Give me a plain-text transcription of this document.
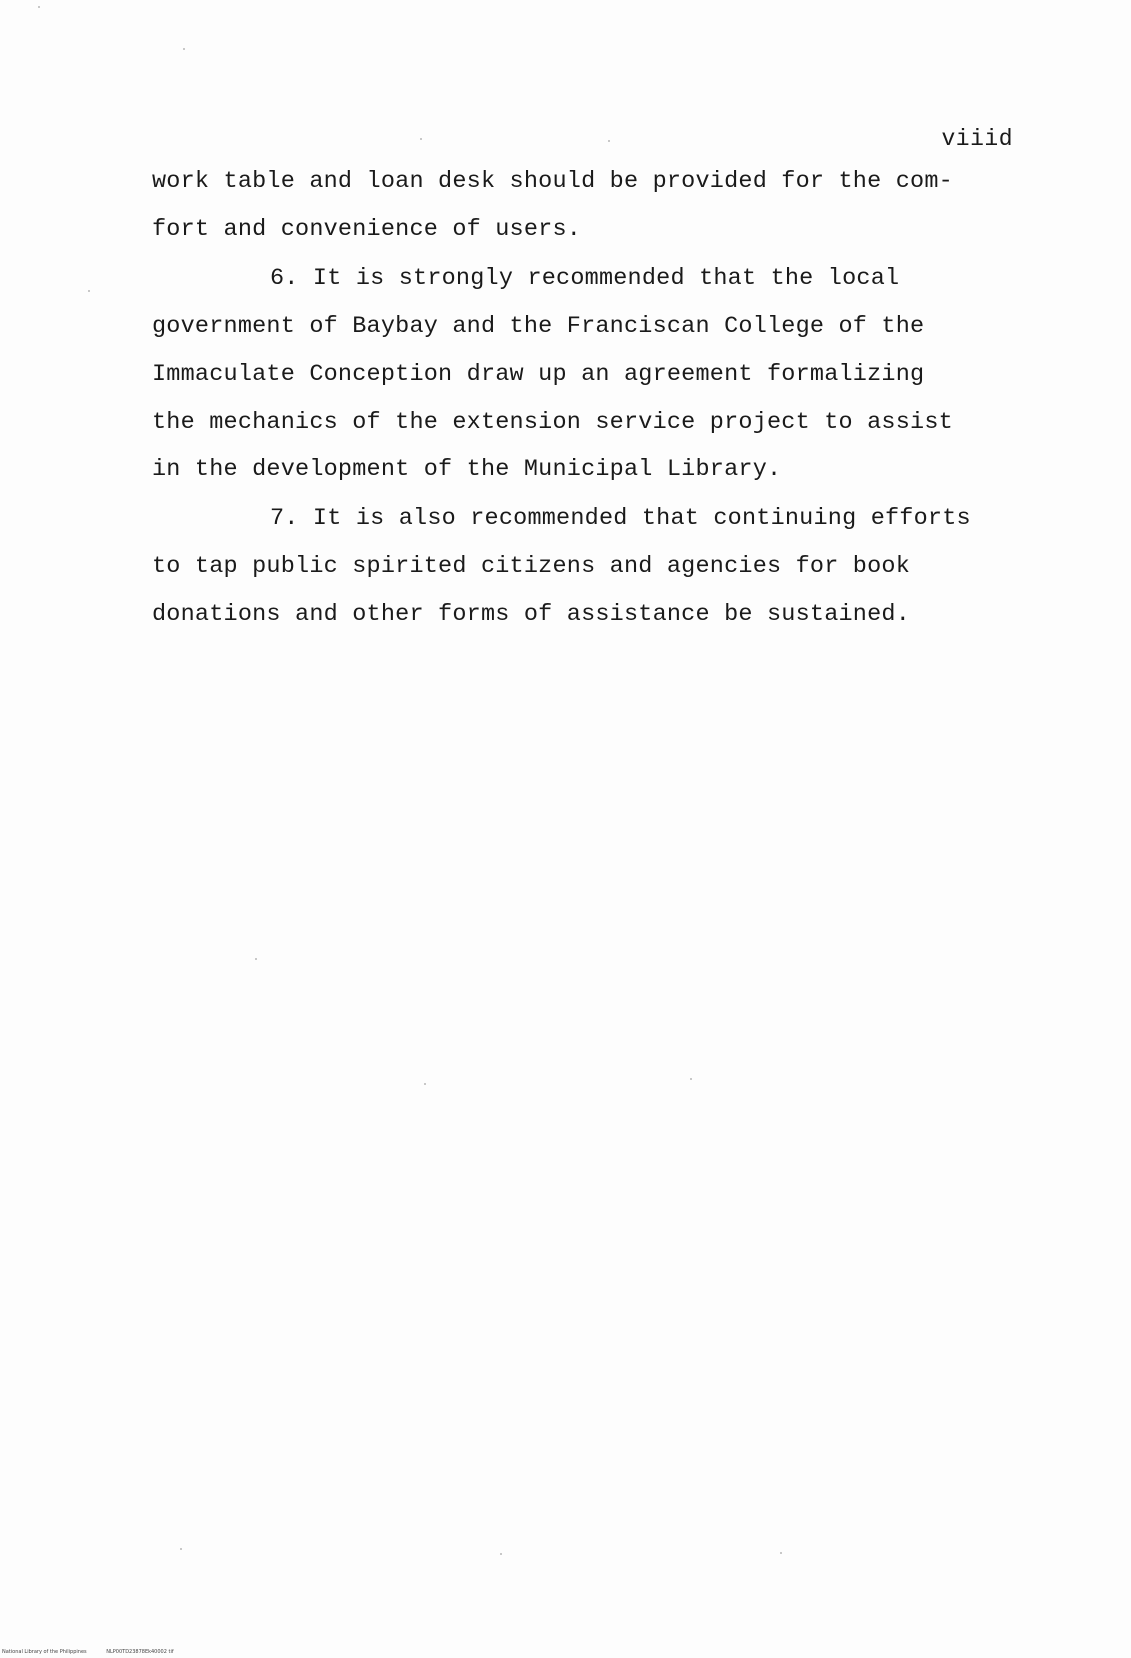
viiid
work table and loan desk should be provided for the com-
fort and convenience of users.
6. It is strongly recommended that the local
government of Baybay and the Franciscan College of the
Immaculate Conception draw up an agreement formalizing
the mechanics of the extension service project to assist
in the development of the Municipal Library.
7. It is also recommended that continuing efforts
to tap public spirited citizens and agencies for book
donations and other forms of assistance be sustained.
National Library of the Philippines	NLP00TD23878Ek40002 tif
